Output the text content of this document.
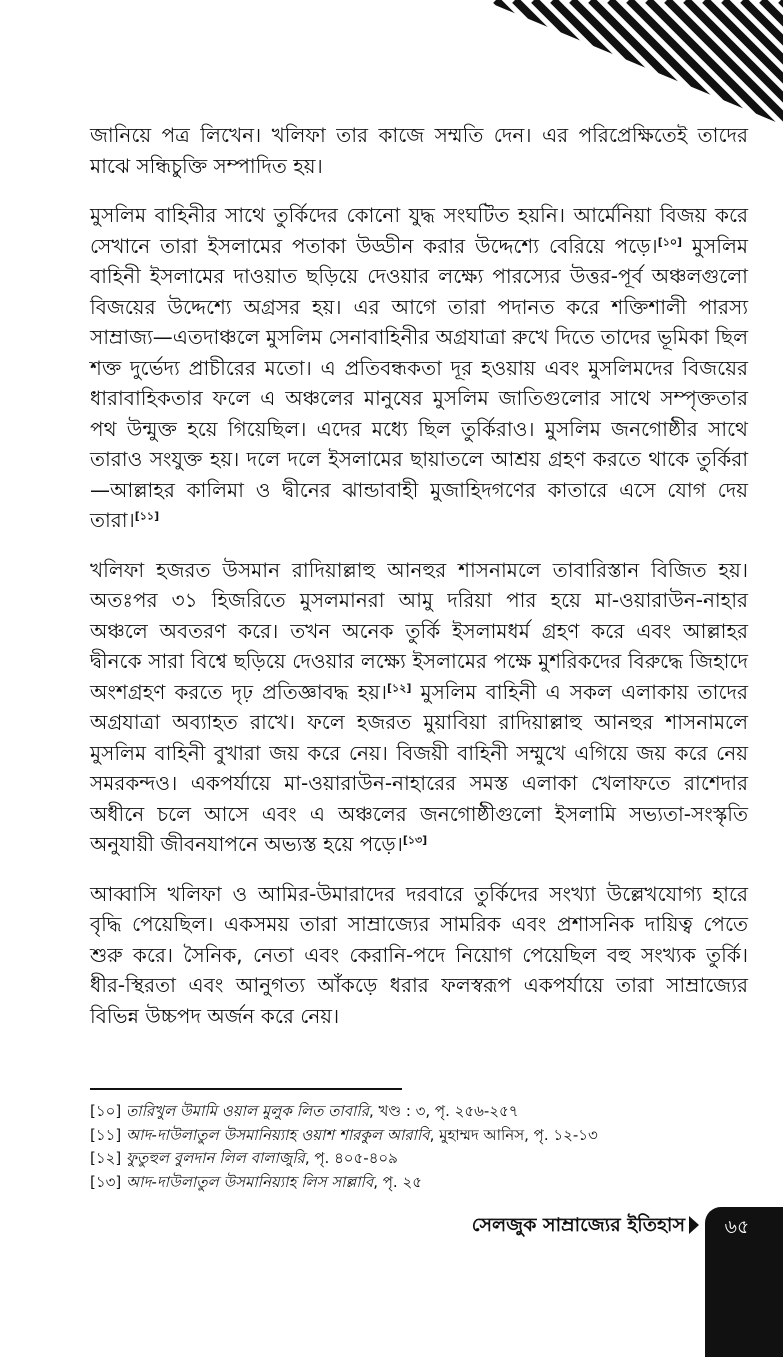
জানিয়ে পত্র লিখেন। খলিফা তার কাজে সম্মতি দেন। এর পরিপ্রেক্ষিতেই তাদের মাঝে সন্ধিচুক্তি সম্পাদিত হয়।

মুসলিম বাহিনীর সাথে তুর্কিদের কোনো যুদ্ধ সংঘটিত হয়নি। আর্মেনিয়া বিজয় করে সেখানে তারা ইসলামের পতাকা উড্ডীন করার উদ্দেশ্যে বেরিয়ে পড়ে।[১০] মুসলিম বাহিনী ইসলামের দাওয়াত ছড়িয়ে দেওয়ার লক্ষ্যে পারস্যের উত্তর-পূর্ব অঞ্চলগুলো বিজয়ের উদ্দেশ্যে অগ্রসর হয়। এর আগে তারা পদানত করে শক্তিশালী পারস্য সাম্রাজ্য—এতদাঞ্চলে মুসলিম সেনাবাহিনীর অগ্রযাত্রা রুখে দিতে তাদের ভূমিকা ছিল শক্ত দুর্ভেদ্য প্রাচীরের মতো। এ প্রতিবন্ধকতা দূর হওয়ায় এবং মুসলিমদের বিজয়ের ধারাবাহিকতার ফলে এ অঞ্চলের মানুষের মুসলিম জাতিগুলোর সাথে সম্পৃক্ততার পথ উন্মুক্ত হয়ে গিয়েছিল। এদের মধ্যে ছিল তুর্কিরাও। মুসলিম জনগোষ্ঠীর সাথে তারাও সংযুক্ত হয়। দলে দলে ইসলামের ছায়াতলে আশ্রয় গ্রহণ করতে থাকে তুর্কিরা—আল্লাহর কালিমা ও দ্বীনের ঝান্ডাবাহী মুজাহিদগণের কাতারে এসে যোগ দেয় তারা।[১১]

খলিফা হজরত উসমান রাদিয়াল্লাহু আনহুর শাসনামলে তাবারিস্তান বিজিত হয়। অতঃপর ৩১ হিজরিতে মুসলমানরা আমু দরিয়া পার হয়ে মা-ওয়ারাউন-নাহার অঞ্চলে অবতরণ করে। তখন অনেক তুর্কি ইসলামধর্ম গ্রহণ করে এবং আল্লাহর দ্বীনকে সারা বিশ্বে ছড়িয়ে দেওয়ার লক্ষ্যে ইসলামের পক্ষে মুশরিকদের বিরুদ্ধে জিহাদে অংশগ্রহণ করতে দৃঢ় প্রতিজ্ঞাবদ্ধ হয়।[১২] মুসলিম বাহিনী এ সকল এলাকায় তাদের অগ্রযাত্রা অব্যাহত রাখে। ফলে হজরত মুয়াবিয়া রাদিয়াল্লাহু আনহুর শাসনামলে মুসলিম বাহিনী বুখারা জয় করে নেয়। বিজয়ী বাহিনী সম্মুখে এগিয়ে জয় করে নেয় সমরকন্দও। একপর্যায়ে মা-ওয়ারাউন-নাহারের সমস্ত এলাকা খেলাফতে রাশেদার অধীনে চলে আসে এবং এ অঞ্চলের জনগোষ্ঠীগুলো ইসলামি সভ্যতা-সংস্কৃতি অনুযায়ী জীবনযাপনে অভ্যস্ত হয়ে পড়ে।[১৩]

আব্বাসি খলিফা ও আমির-উমারাদের দরবারে তুর্কিদের সংখ্যা উল্লেখযোগ্য হারে বৃদ্ধি পেয়েছিল। একসময় তারা সাম্রাজ্যের সামরিক এবং প্রশাসনিক দায়িত্ব পেতে শুরু করে। সৈনিক, নেতা এবং কেরানি-পদে নিয়োগ পেয়েছিল বহু সংখ্যক তুর্কি। ধীর-স্থিরতা এবং আনুগত্য আঁকড়ে ধরার ফলস্বরূপ একপর্যায়ে তারা সাম্রাজ্যের বিভিন্ন উচ্চপদ অর্জন করে নেয়।

[১০] তারিখুল উমামি ওয়াল মুলুক লিত তাবারি, খণ্ড : ৩, পৃ. ২৫৬-২৫৭
[১১] আদ-দাউলাতুল উসমানিয়্যাহ ওয়াশ শারকুল আরাবি, মুহাম্মদ আনিস, পৃ. ১২-১৩
[১২] ফুতুহুল বুলদান লিল বালাজুরি, পৃ. ৪০৫-৪০৯
[১৩] আদ-দাউলাতুল উসমানিয়্যাহ লিস সাল্লাবি, পৃ. ২৫
সেলজুক সাম্রাজ্যের ইতিহাস	৬৫
